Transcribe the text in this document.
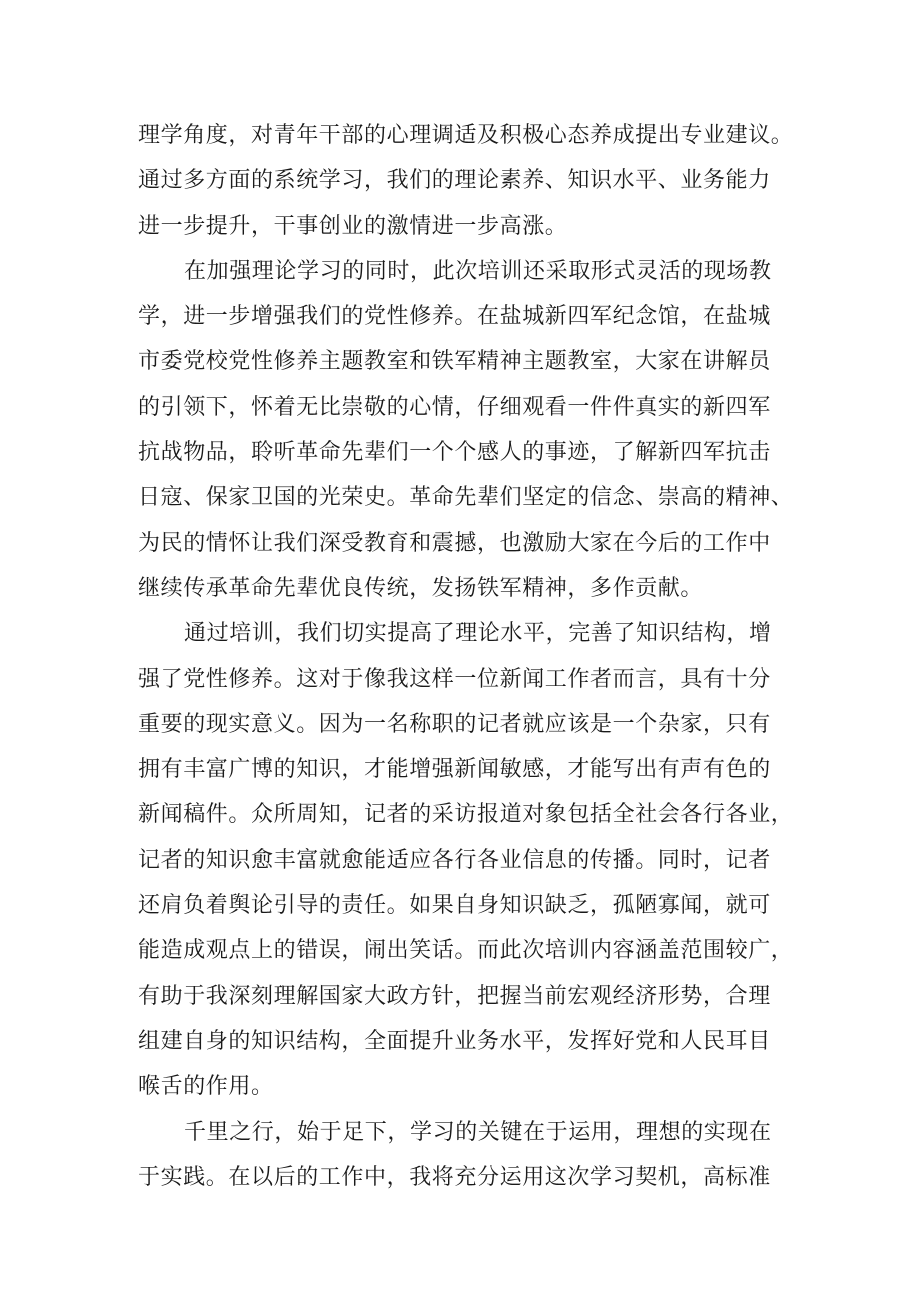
理学角度，对青年干部的心理调适及积极心态养成提出专业建议。
通过多方面的系统学习，我们的理论素养、知识水平、业务能力
进一步提升，干事创业的激情进一步高涨。
在加强理论学习的同时，此次培训还采取形式灵活的现场教
学，进一步增强我们的党性修养。在盐城新四军纪念馆，在盐城
市委党校党性修养主题教室和铁军精神主题教室，大家在讲解员
的引领下，怀着无比崇敬的心情，仔细观看一件件真实的新四军
抗战物品，聆听革命先辈们一个个感人的事迹，了解新四军抗击
日寇、保家卫国的光荣史。革命先辈们坚定的信念、崇高的精神、
为民的情怀让我们深受教育和震撼，也激励大家在今后的工作中
继续传承革命先辈优良传统，发扬铁军精神，多作贡献。
通过培训，我们切实提高了理论水平，完善了知识结构，增
强了党性修养。这对于像我这样一位新闻工作者而言，具有十分
重要的现实意义。因为一名称职的记者就应该是一个杂家，只有
拥有丰富广博的知识，才能增强新闻敏感，才能写出有声有色的
新闻稿件。众所周知，记者的采访报道对象包括全社会各行各业，
记者的知识愈丰富就愈能适应各行各业信息的传播。同时，记者
还肩负着舆论引导的责任。如果自身知识缺乏，孤陋寡闻，就可
能造成观点上的错误，闹出笑话。而此次培训内容涵盖范围较广，
有助于我深刻理解国家大政方针，把握当前宏观经济形势，合理
组建自身的知识结构，全面提升业务水平，发挥好党和人民耳目
喉舌的作用。
千里之行，始于足下，学习的关键在于运用，理想的实现在
于实践。在以后的工作中，我将充分运用这次学习契机，高标准
